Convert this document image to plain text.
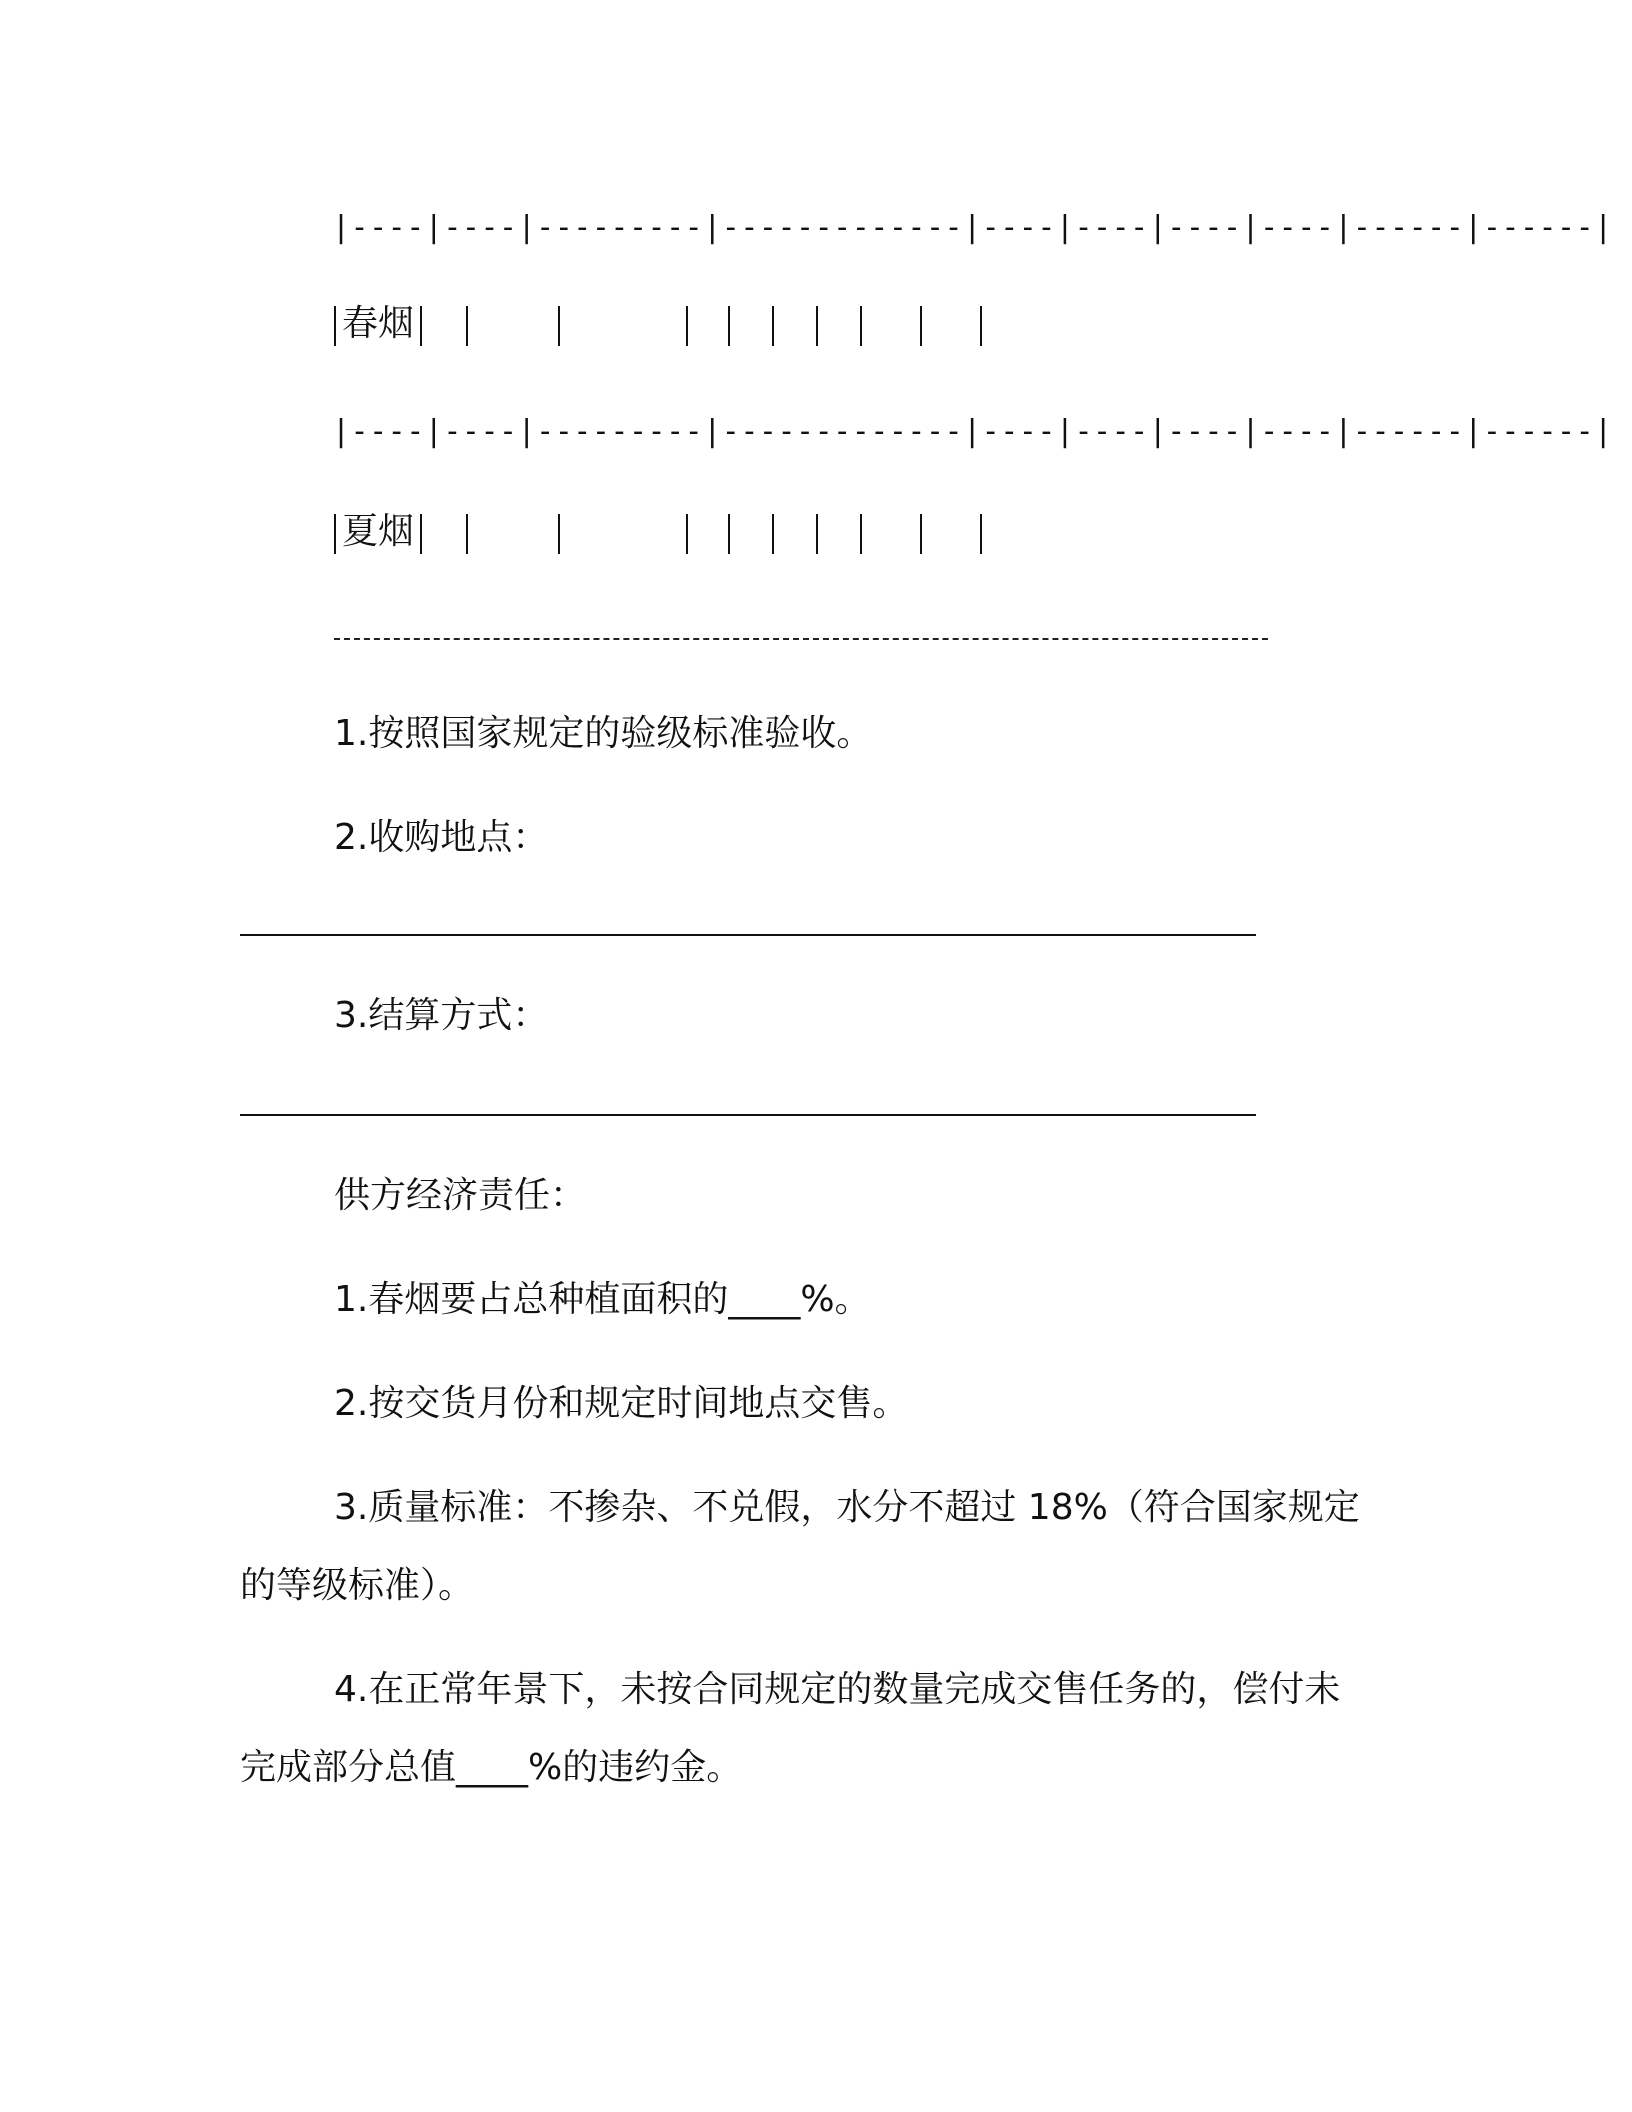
|----|----|---------|-------------|----|----|----|----|------|------|
春烟
|----|----|---------|-------------|----|----|----|----|------|------|
夏烟
1.按照国家规定的验级标准验收。
2.收购地点：
3.结算方式：
供方经济责任：
1.春烟要占总种植面积的____%。
2.按交货月份和规定时间地点交售。
3.质量标准：不掺杂、不兑假，水分不超过 18%（符合国家规定
的等级标准）。
4.在正常年景下，未按合同规定的数量完成交售任务的，偿付未
完成部分总值____%的违约金。
